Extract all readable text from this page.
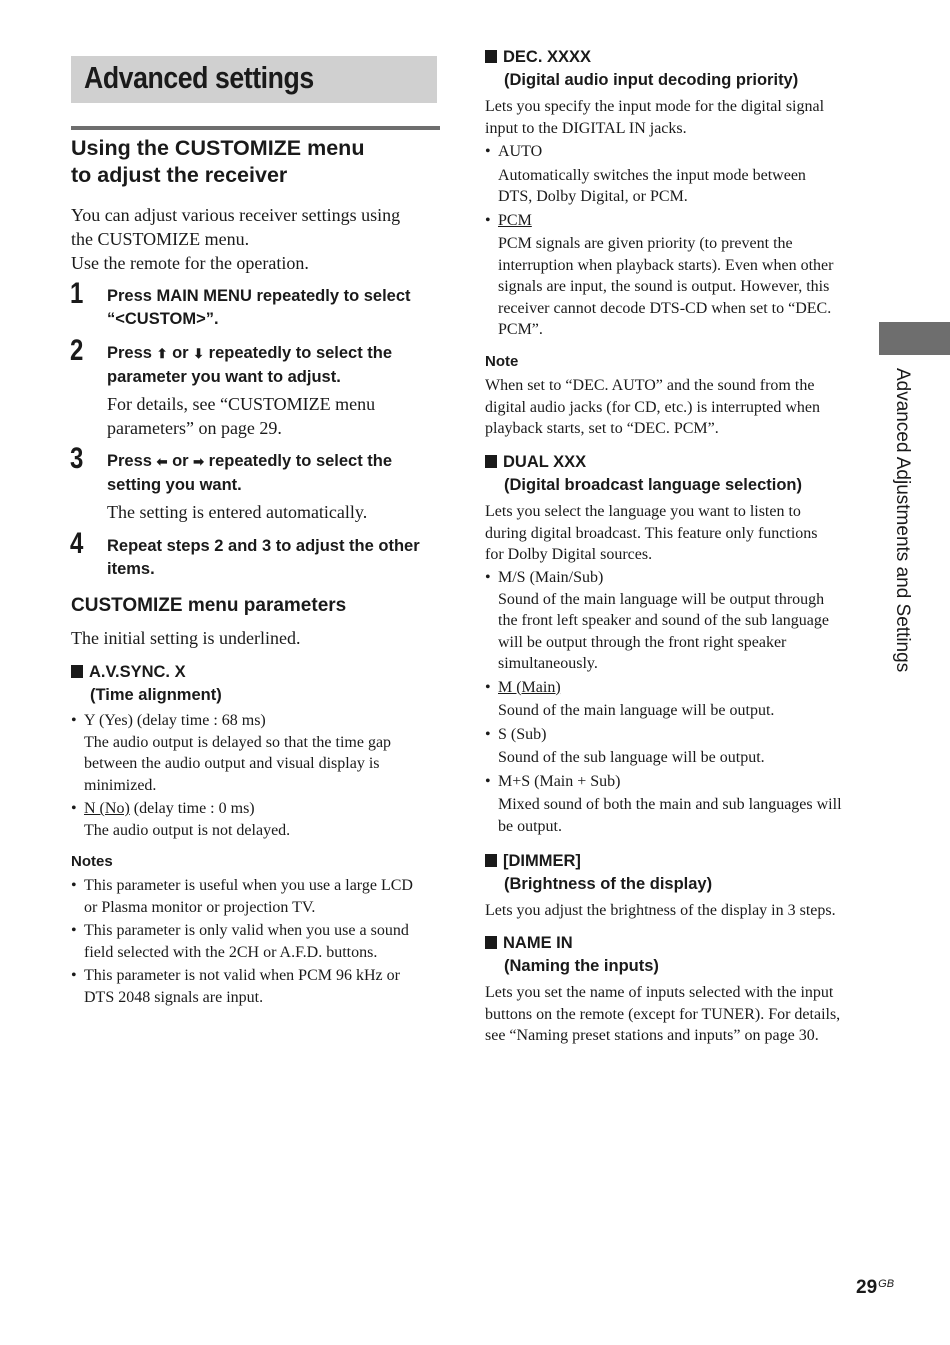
Advanced settings
Using the CUSTOMIZE menu
to adjust the receiver
You can adjust various receiver settings using
the CUSTOMIZE menu.
Use the remote for the operation.
1 Press MAIN MENU repeatedly to select
“<CUSTOM>”.
2 Press ⬆ or ⬇ repeatedly to select the
parameter you want to adjust.
For details, see “CUSTOMIZE menu
parameters” on page 29.
3 Press ⬅ or ➡ repeatedly to select the
setting you want.
The setting is entered automatically.
4 Repeat steps 2 and 3 to adjust the other
items.
CUSTOMIZE menu parameters
The initial setting is underlined.
A.V.SYNC. X
(Time alignment)
• Y (Yes) (delay time : 68 ms)
The audio output is delayed so that the time gap
between the audio output and visual display is
minimized.
• N (No) (delay time : 0 ms)
The audio output is not delayed.
Notes
• This parameter is useful when you use a large LCD
or Plasma monitor or projection TV.
• This parameter is only valid when you use a sound
field selected with the 2CH or A.F.D. buttons.
• This parameter is not valid when PCM 96 kHz or
DTS 2048 signals are input.
DEC. XXXX
(Digital audio input decoding priority)
Lets you specify the input mode for the digital signal
input to the DIGITAL IN jacks.
• AUTO
Automatically switches the input mode between
DTS, Dolby Digital, or PCM.
• PCM
PCM signals are given priority (to prevent the
interruption when playback starts). Even when other
signals are input, the sound is output. However, this
receiver cannot decode DTS-CD when set to “DEC.
PCM”.
Note
When set to “DEC. AUTO” and the sound from the
digital audio jacks (for CD, etc.) is interrupted when
playback starts, set to “DEC. PCM”.
DUAL XXX
(Digital broadcast language selection)
Lets you select the language you want to listen to
during digital broadcast. This feature only functions
for Dolby Digital sources.
• M/S (Main/Sub)
Sound of the main language will be output through
the front left speaker and sound of the sub language
will be output through the front right speaker
simultaneously.
• M (Main)
Sound of the main language will be output.
• S (Sub)
Sound of the sub language will be output.
• M+S (Main + Sub)
Mixed sound of both the main and sub languages will
be output.
[DIMMER]
(Brightness of the display)
Lets you adjust the brightness of the display in 3 steps.
NAME IN
(Naming the inputs)
Lets you set the name of inputs selected with the input
buttons on the remote (except for TUNER). For details,
see “Naming preset stations and inputs” on page 30.
Advanced Adjustments and Settings
$29^{GB}$
